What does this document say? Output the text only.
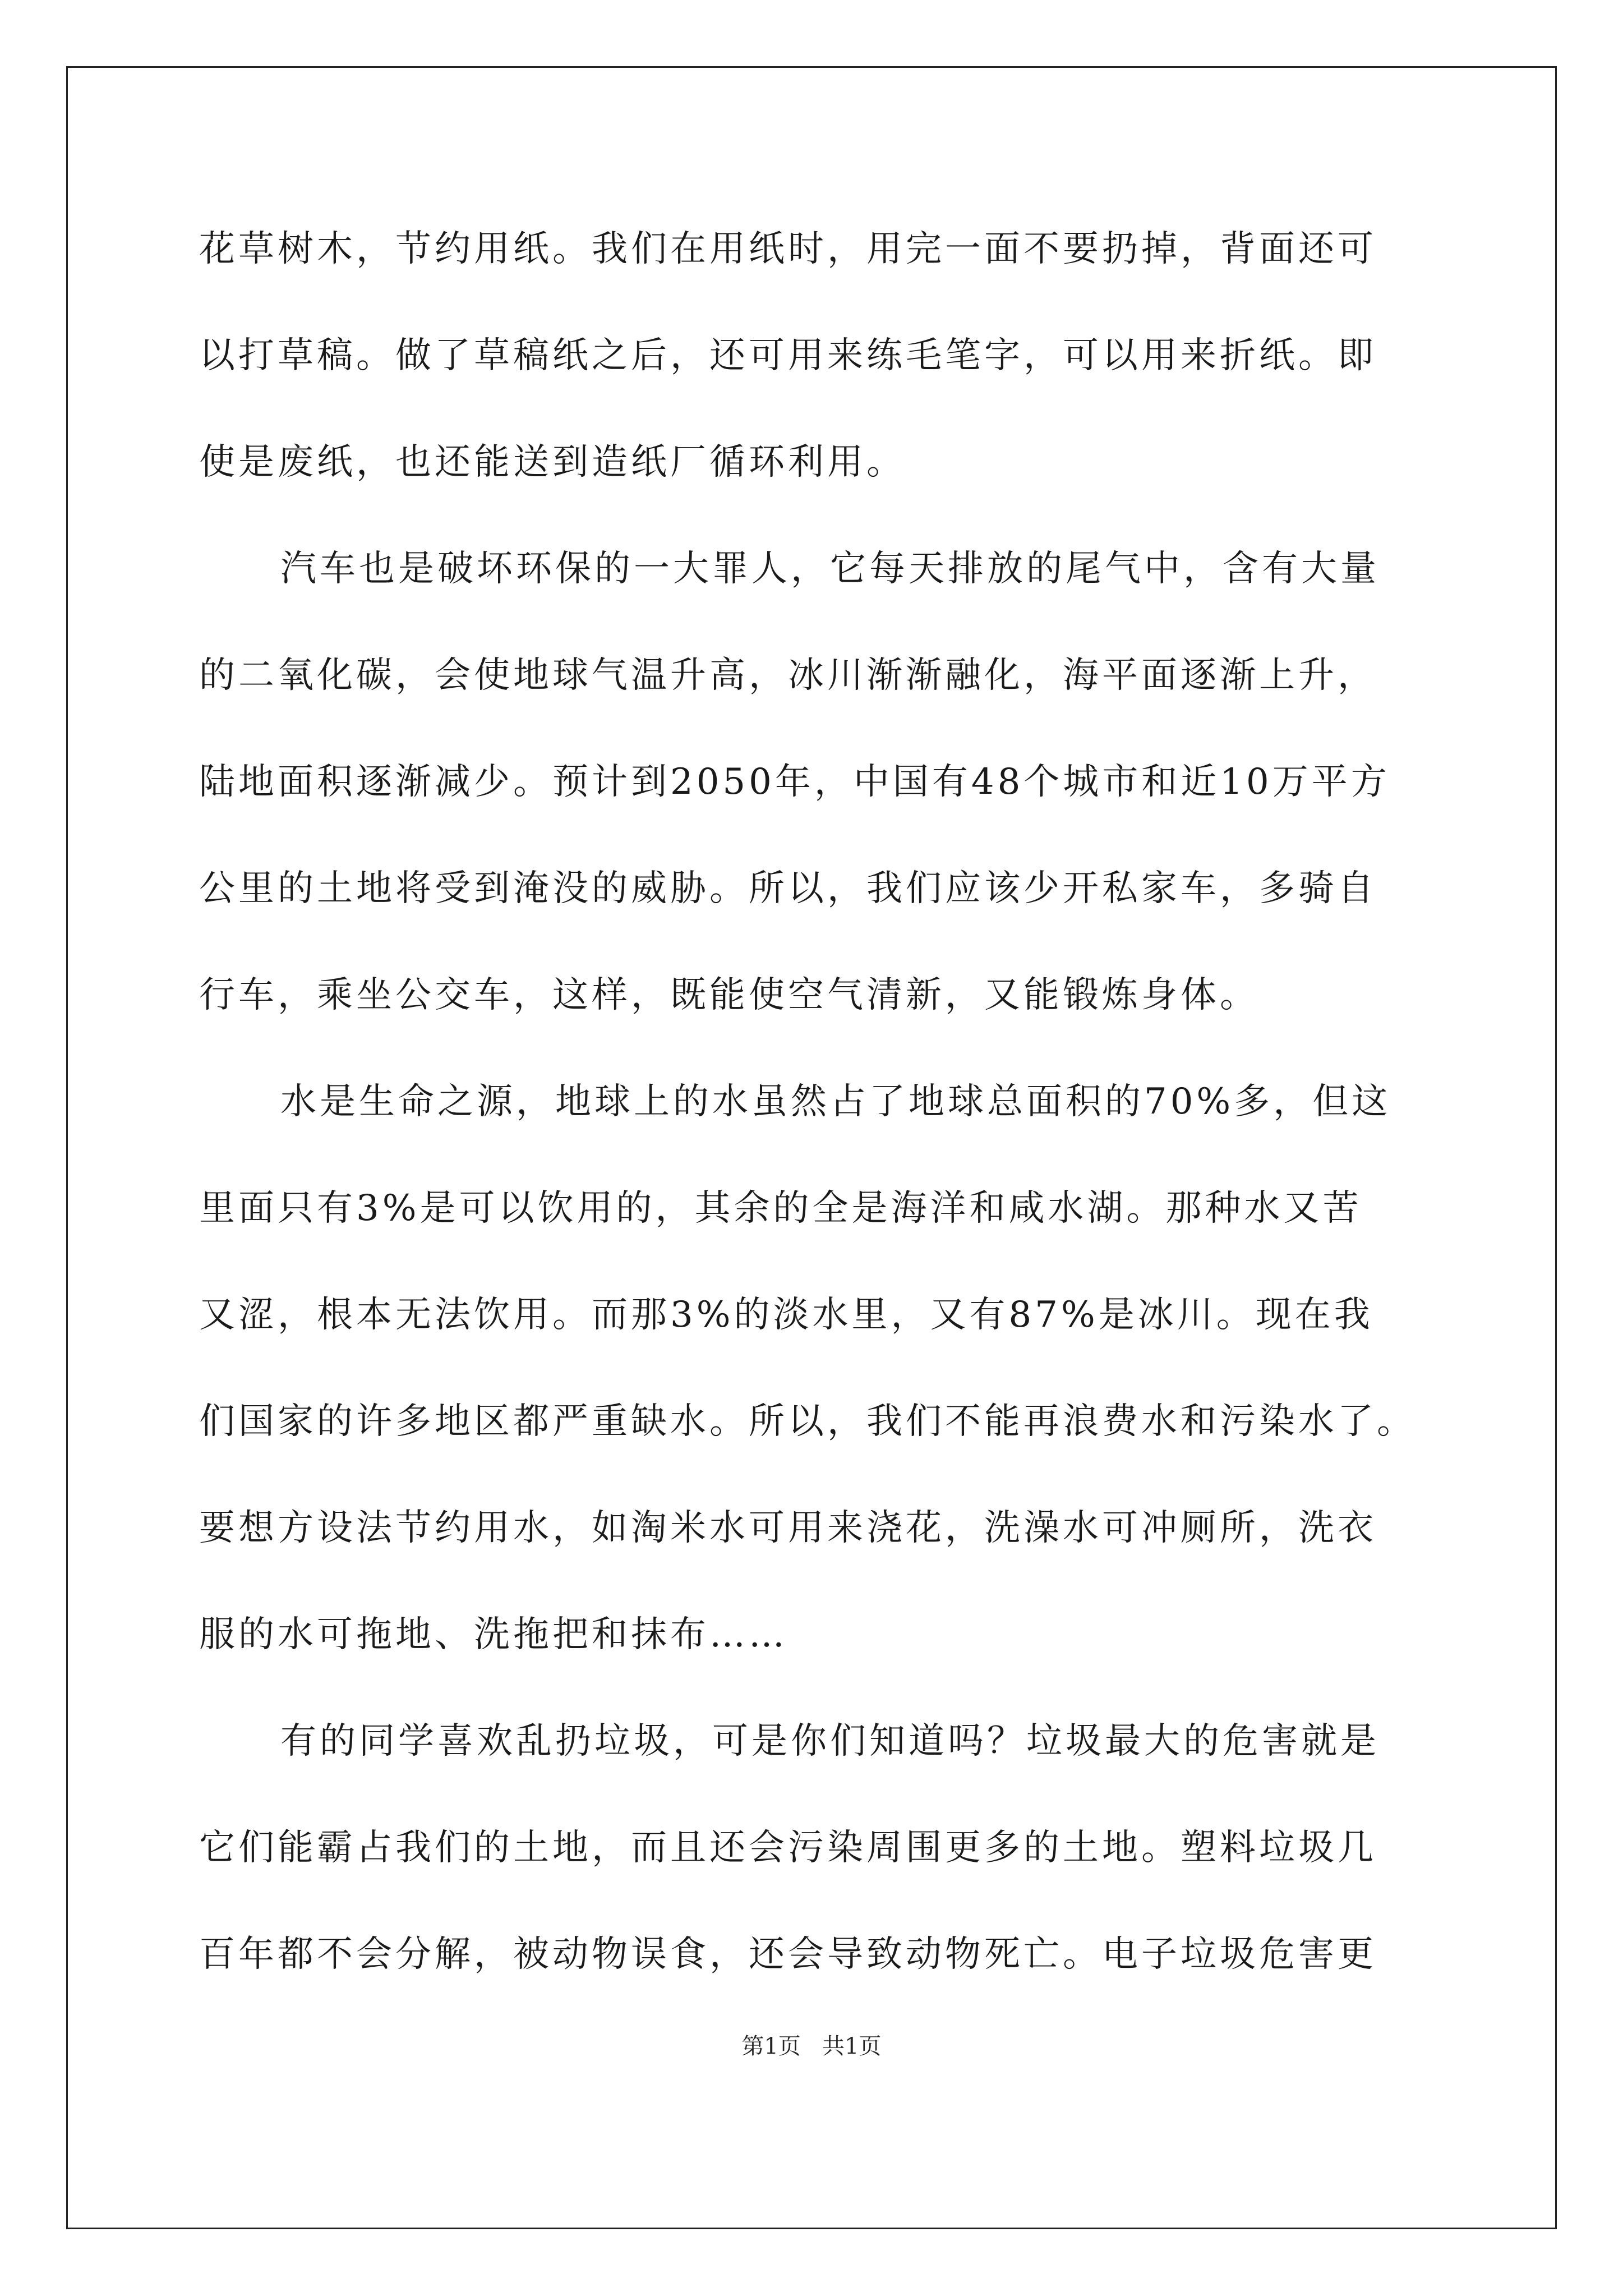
花草树木，节约用纸。我们在用纸时，用完一面不要扔掉，背面还可
以打草稿。做了草稿纸之后，还可用来练毛笔字，可以用来折纸。即
使是废纸，也还能送到造纸厂循环利用。
汽车也是破坏环保的一大罪人，它每天排放的尾气中，含有大量
的二氧化碳，会使地球气温升高，冰川渐渐融化，海平面逐渐上升，
陆地面积逐渐减少。预计到2050年，中国有48个城市和近10万平方
公里的土地将受到淹没的威胁。所以，我们应该少开私家车，多骑自
行车，乘坐公交车，这样，既能使空气清新，又能锻炼身体。
水是生命之源，地球上的水虽然占了地球总面积的70%多，但这
里面只有3%是可以饮用的，其余的全是海洋和咸水湖。那种水又苦
又涩，根本无法饮用。而那3%的淡水里，又有87%是冰川。现在我
们国家的许多地区都严重缺水。所以，我们不能再浪费水和污染水了。
要想方设法节约用水，如淘米水可用来浇花，洗澡水可冲厕所，洗衣
服的水可拖地、洗拖把和抹布……
有的同学喜欢乱扔垃圾，可是你们知道吗？垃圾最大的危害就是
它们能霸占我们的土地，而且还会污染周围更多的土地。塑料垃圾几
百年都不会分解，被动物误食，还会导致动物死亡。电子垃圾危害更
第1页   共1页
